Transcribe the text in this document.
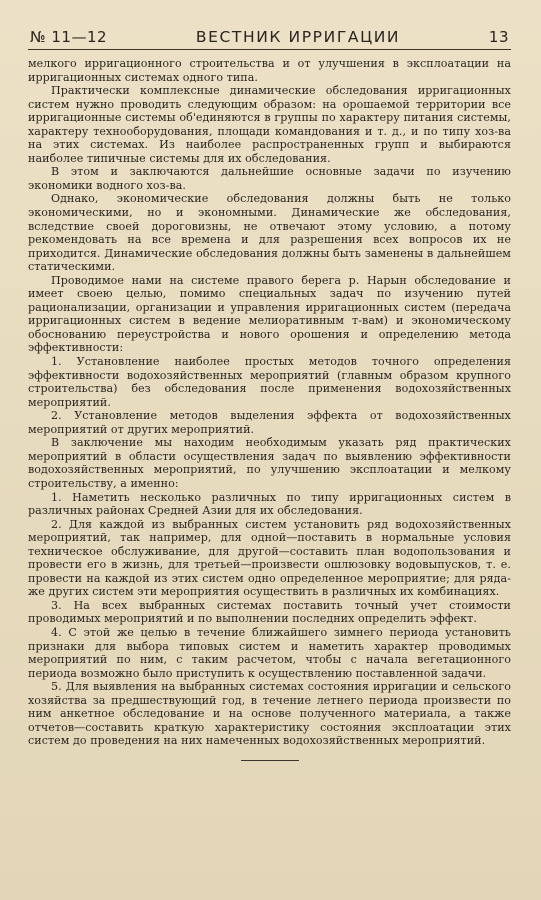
№ 11—12	ВЕСТНИК ИРРИГАЦИИ	13

мелкого ирригационного строительства и от улучшения в эксплоатации на ирригационных системах одного типа.

Практически комплексные динамические обследования ирригационных систем нужно проводить следующим образом: на орошаемой территории все ирригационные системы об'единяются в группы по характеру питания системы, характеру технооборудования, площади командования и т. д., и по типу хоз-ва на этих системах. Из наиболее распространенных групп и выбираются наиболее типичные системы для их обследования.

В этом и заключаются дальнейшие основные задачи по изучению экономики водного хоз-ва.

Однако, экономические обследования должны быть не только экономическими, но и экономными. Динамические же обследования, вследствие своей дороговизны, не отвечают этому условию, а потому рекомендовать на все времена и для разрешения всех вопросов их не приходится. Динамические обследования должны быть заменены в дальнейшем статическими.

Проводимое нами на системе правого берега р. Нарын обследование и имеет своею целью, помимо специальных задач по изучению путей рационализации, организации и управления ирригационных систем (передача ирригационных систем в ведение мелиоративным т-вам) и экономическому обоснованию переустройства и нового орошения и определению метода эффективности:

1. Установление наиболее простых методов точного определения эффективности водохозяйственных мероприятий (главным образом крупного строительства) без обследования после применения водохозяйственных мероприятий.

2. Установление методов выделения эффекта от водохозяйственных мероприятий от других мероприятий.

В заключение мы находим необходимым указать ряд практических мероприятий в области осуществления задач по выявлению эффективности водохозяйственных мероприятий, по улучшению эксплоатации и мелкому строительству, а именно:

1. Наметить несколько различных по типу ирригационных систем в различных районах Средней Азии для их обследования.

2. Для каждой из выбранных систем установить ряд водохозяйственных мероприятий, так например, для одной—поставить в нормальные условия техническое обслуживание, для другой—составить план водопользования и провести его в жизнь, для третьей—произвести ошлюзовку водовыпусков, т. е. провести на каждой из этих систем одно определенное мероприятие; для ряда-же других систем эти мероприятия осуществить в различных их комбинациях.

3. На всех выбранных системах поставить точный учет стоимости проводимых мероприятий и по выполнении последних определить эффект.

4. С этой же целью в течение ближайшего зимнего периода установить признаки для выбора типовых систем и наметить характер проводимых мероприятий по ним, с таким расчетом, чтобы с начала вегетационного периода возможно было приступить к осуществлению поставленной задачи.

5. Для выявления на выбранных системах состояния ирригации и сельского хозяйства за предшествующий год, в течение летнего периода произвести по ним анкетное обследование и на основе полученного материала, а также отчетов—составить краткую характеристику состояния эксплоатации этих систем до проведения на них намеченных водохозяйственных мероприятий.
